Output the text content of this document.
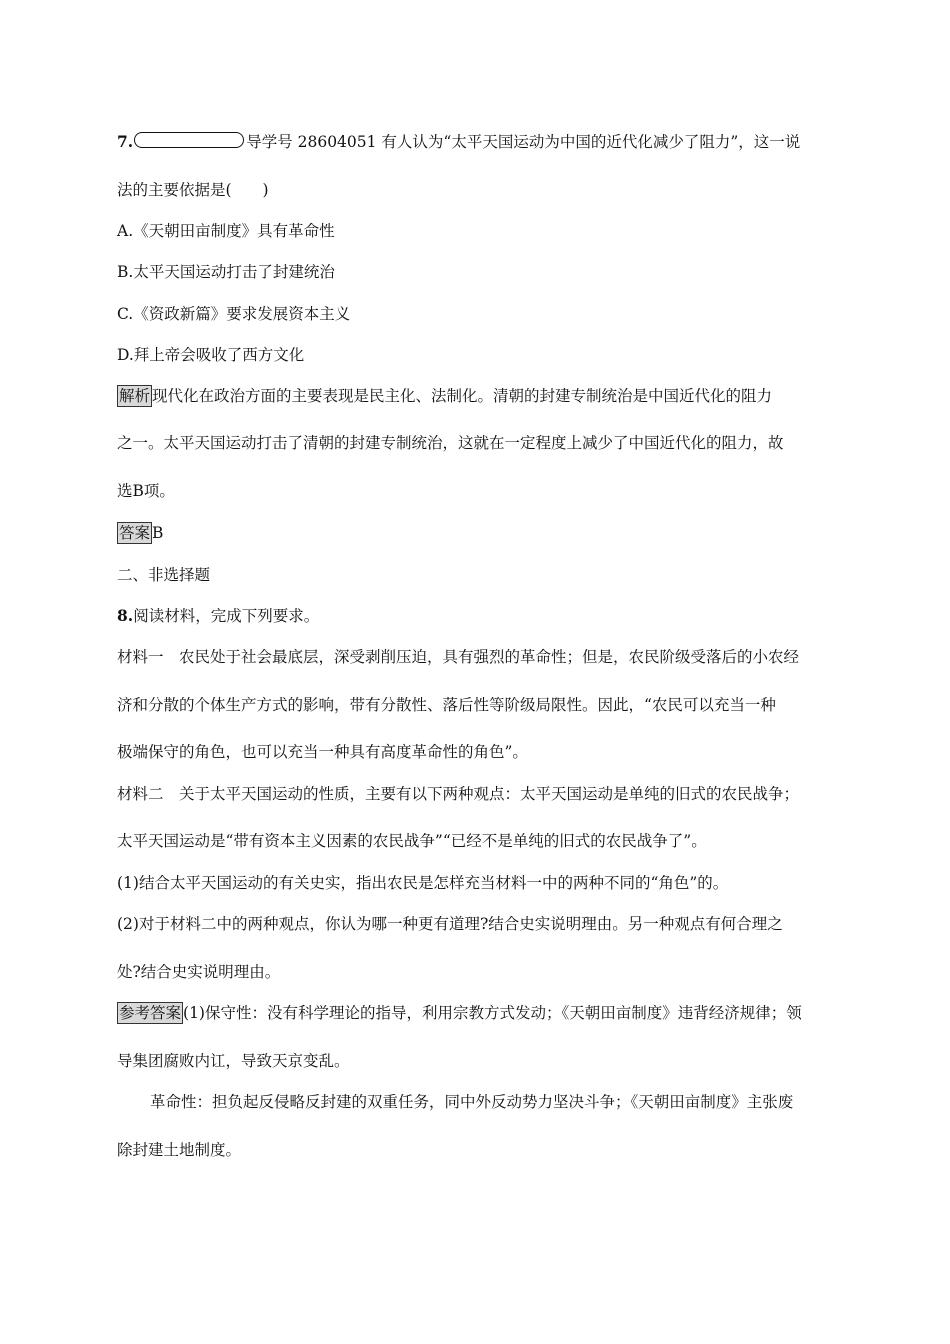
7.	导学号 28604051 有人认为“太平天国运动为中国的近代化减少了阻力”，这一说
法的主要依据是(　　)
A.《天朝田亩制度》具有革命性
B.太平天国运动打击了封建统治
C.《资政新篇》要求发展资本主义
D.拜上帝会吸收了西方文化
解析 现代化在政治方面的主要表现是民主化、法制化。清朝的封建专制统治是中国近代化的阻力
之一。太平天国运动打击了清朝的封建专制统治，这就在一定程度上减少了中国近代化的阻力，故
选B项。
答案 B
二、非选择题
8.阅读材料，完成下列要求。
材料一　农民处于社会最底层，深受剥削压迫，具有强烈的革命性；但是，农民阶级受落后的小农经
济和分散的个体生产方式的影响，带有分散性、落后性等阶级局限性。因此，“农民可以充当一种
极端保守的角色，也可以充当一种具有高度革命性的角色”。
材料二　关于太平天国运动的性质，主要有以下两种观点：太平天国运动是单纯的旧式的农民战争；
太平天国运动是“带有资本主义因素的农民战争”“已经不是单纯的旧式的农民战争了”。
(1)结合太平天国运动的有关史实，指出农民是怎样充当材料一中的两种不同的“角色”的。
(2)对于材料二中的两种观点，你认为哪一种更有道理?结合史实说明理由。另一种观点有何合理之
处?结合史实说明理由。
参考答案 (1)保守性：没有科学理论的指导，利用宗教方式发动；《天朝田亩制度》违背经济规律；领
导集团腐败内讧，导致天京变乱。
革命性：担负起反侵略反封建的双重任务，同中外反动势力坚决斗争；《天朝田亩制度》主张废
除封建土地制度。
